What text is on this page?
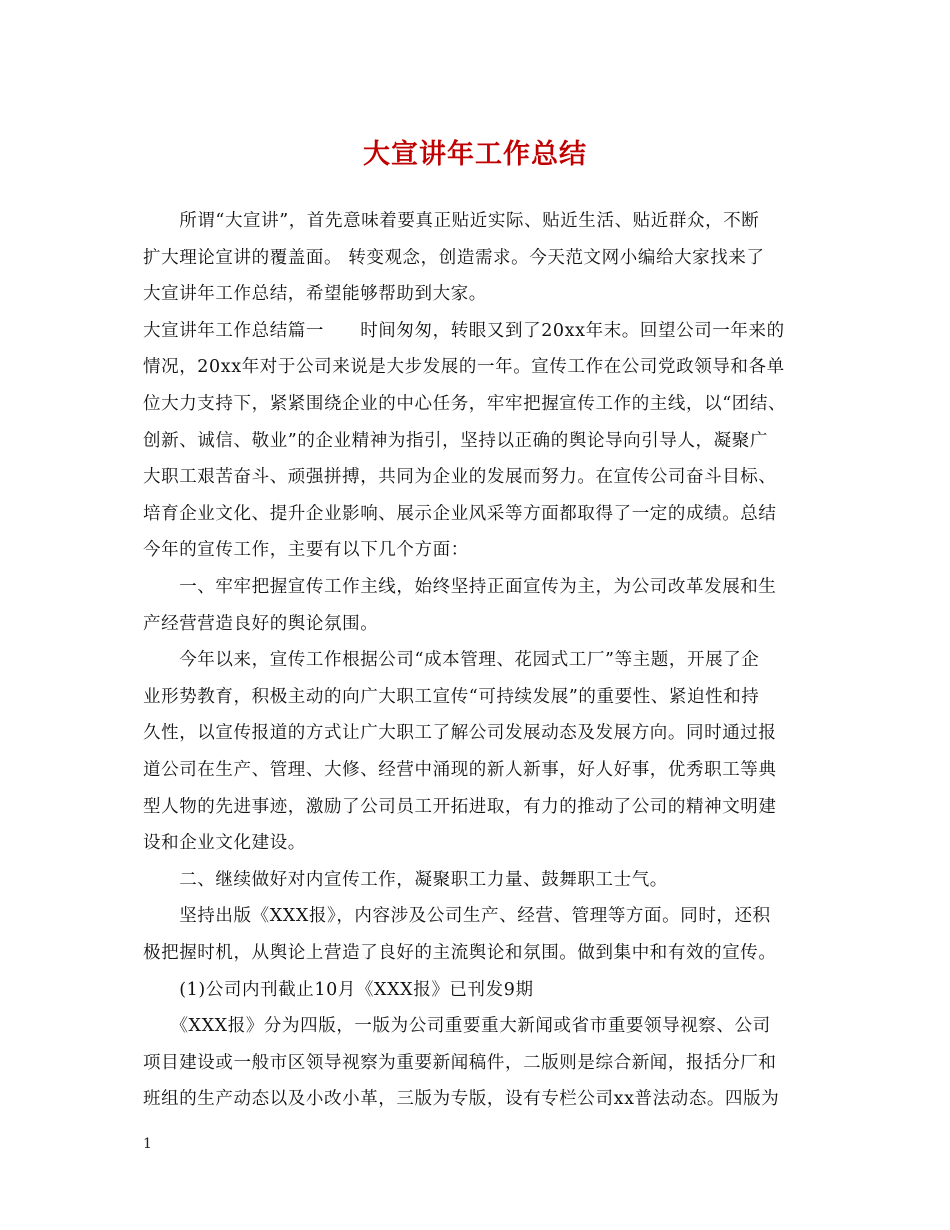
大宣讲年工作总结
　　所谓“大宣讲”，首先意味着要真正贴近实际、贴近生活、贴近群众，不断
扩大理论宣讲的覆盖面。 转变观念，创造需求。今天范文网小编给大家找来了
大宣讲年工作总结，希望能够帮助到大家。
大宣讲年工作总结篇一　　时间匆匆，转眼又到了20xx年末。回望公司一年来的
情况，20xx年对于公司来说是大步发展的一年。宣传工作在公司党政领导和各单
位大力支持下，紧紧围绕企业的中心任务，牢牢把握宣传工作的主线，以“团结、
创新、诚信、敬业”的企业精神为指引，坚持以正确的舆论导向引导人，凝聚广
大职工艰苦奋斗、顽强拼搏，共同为企业的发展而努力。在宣传公司奋斗目标、
培育企业文化、提升企业影响、展示企业风采等方面都取得了一定的成绩。总结
今年的宣传工作，主要有以下几个方面：
　　一、牢牢把握宣传工作主线，始终坚持正面宣传为主，为公司改革发展和生
产经营营造良好的舆论氛围。
　　今年以来，宣传工作根据公司“成本管理、花园式工厂”等主题，开展了企
业形势教育，积极主动的向广大职工宣传“可持续发展”的重要性、紧迫性和持
久性，以宣传报道的方式让广大职工了解公司发展动态及发展方向。同时通过报
道公司在生产、管理、大修、经营中涌现的新人新事，好人好事，优秀职工等典
型人物的先进事迹，激励了公司员工开拓进取，有力的推动了公司的精神文明建
设和企业文化建设。
　　二、继续做好对内宣传工作，凝聚职工力量、鼓舞职工士气。
　　坚持出版《XXX报》，内容涉及公司生产、经营、管理等方面。同时，还积
极把握时机，从舆论上营造了良好的主流舆论和氛围。做到集中和有效的宣传。
　　(1)公司内刊截止10月《XXX报》已刊发9期
　　《XXX报》分为四版，一版为公司重要重大新闻或省市重要领导视察、公司
项目建设或一般市区领导视察为重要新闻稿件，二版则是综合新闻，报括分厂和
班组的生产动态以及小改小革，三版为专版，设有专栏公司xx普法动态。四版为
1
